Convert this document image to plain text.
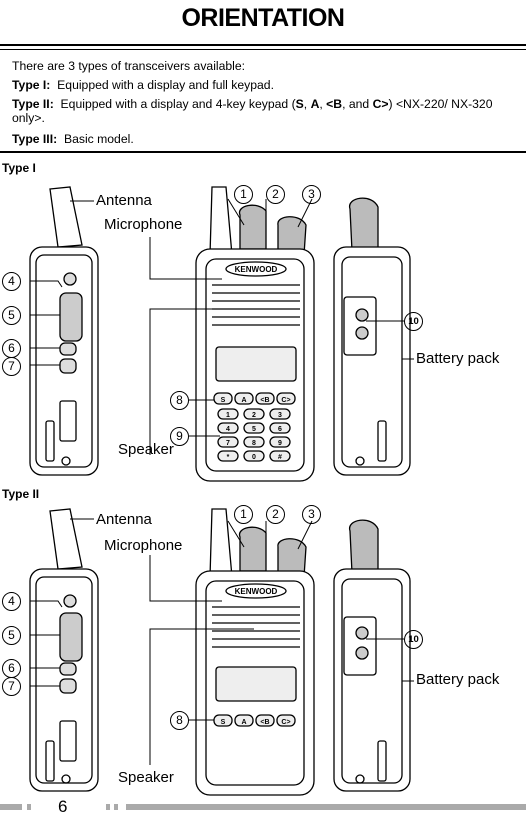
ORIENTATION

There are 3 types of transceivers available:

Type I: Equipped with a display and full keypad.

Type II: Equipped with a display and 4-key keypad (S, A, <B, and C>) <NX-220/ NX-320 only>.

Type III: Basic model.

Type I
KENWOOD
S A <B C>
1	2	3
4	5	6
7	8	9
*	0	#
Antenna
Microphone
Speaker
Battery pack
1	2	3
4
5
6
7
8
9
10
Type II
KENWOOD
S A <B C>
Antenna
Microphone
Speaker
Battery pack
1	2	3
4
5
6
7
8
10
6
